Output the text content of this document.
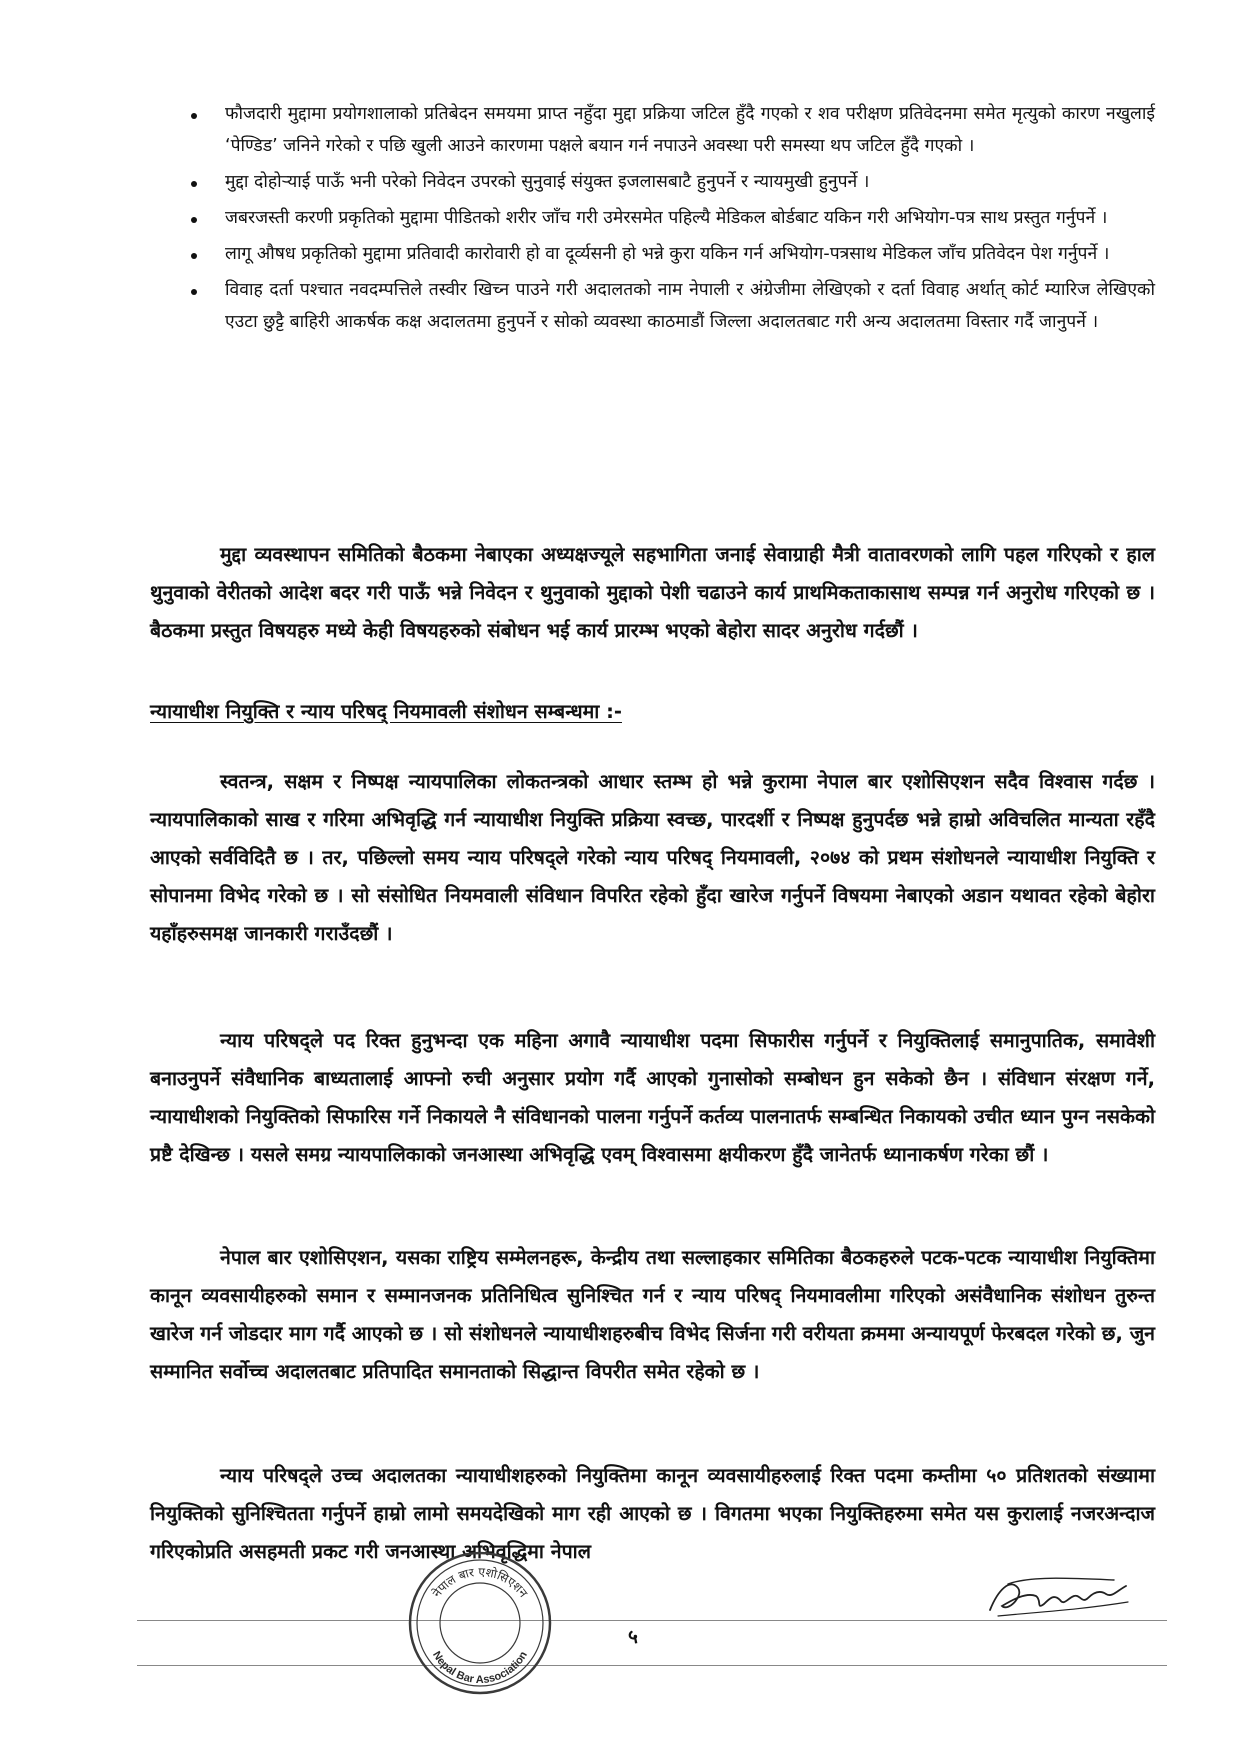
फौजदारी मुद्दामा प्रयोगशालाको प्रतिबेदन समयमा प्राप्त नहुँदा मुद्दा प्रक्रिया जटिल हुँदै गएको र शव परीक्षण प्रतिवेदनमा समेत मृत्युको कारण नखुलाई ‘पेण्डिड’ जनिने गरेको र पछि खुली आउने कारणमा पक्षले बयान गर्न नपाउने अवस्था परी समस्या थप जटिल हुँदै गएको ।
मुद्दा दोहोऱ्याई पाऊँ भनी परेको निवेदन उपरको सुनुवाई संयुक्त इजलासबाटै हुनुपर्ने र न्यायमुखी हुनुपर्ने ।
जबरजस्ती करणी प्रकृतिको मुद्दामा पीडितको शरीर जाँच गरी उमेरसमेत पहिल्यै मेडिकल बोर्डबाट यकिन गरी अभियोग-पत्र साथ प्रस्तुत गर्नुपर्ने ।
लागू औषध प्रकृतिको मुद्दामा प्रतिवादी कारोवारी हो वा दूर्व्यसनी हो भन्ने कुरा यकिन गर्न अभियोग-पत्रसाथ मेडिकल जाँच प्रतिवेदन पेश गर्नुपर्ने ।
विवाह दर्ता पश्चात नवदम्पत्तिले तस्वीर खिच्न पाउने गरी अदालतको नाम नेपाली र अंग्रेजीमा लेखिएको र दर्ता विवाह अर्थात् कोर्ट म्यारिज लेखिएको एउटा छुट्टै बाहिरी आकर्षक कक्ष अदालतमा हुनुपर्ने र सोको व्यवस्था काठमाडौं जिल्ला अदालतबाट गरी अन्य अदालतमा विस्तार गर्दै जानुपर्ने ।

मुद्दा व्यवस्थापन समितिको बैठकमा नेबाएका अध्यक्षज्यूले सहभागिता जनाई सेवाग्राही मैत्री वातावरणको लागि पहल गरिएको र हाल थुनुवाको वेरीतको आदेश बदर गरी पाऊँ भन्ने निवेदन र थुनुवाको मुद्दाको पेशी चढाउने कार्य प्राथमिकताकासाथ सम्पन्न गर्न अनुरोध गरिएको छ । बैठकमा प्रस्तुत विषयहरु मध्ये केही विषयहरुको संबोधन भई कार्य प्रारम्भ भएको बेहोरा सादर अनुरोध गर्दछौं ।

न्यायाधीश नियुक्ति र न्याय परिषद् नियमावली संशोधन सम्बन्धमा :-

स्वतन्त्र, सक्षम र निष्पक्ष न्यायपालिका लोकतन्त्रको आधार स्तम्भ हो भन्ने कुरामा नेपाल बार एशोसिएशन सदैव विश्वास गर्दछ । न्यायपालिकाको साख र गरिमा अभिवृद्धि गर्न न्यायाधीश नियुक्ति प्रक्रिया स्वच्छ, पारदर्शी र निष्पक्ष हुनुपर्दछ भन्ने हाम्रो अविचलित मान्यता रहँदै आएको सर्वविदितै छ । तर, पछिल्लो समय न्याय परिषद्ले गरेको न्याय परिषद् नियमावली, २०७४ को प्रथम संशोधनले न्यायाधीश नियुक्ति र सोपानमा विभेद गरेको छ । सो संसोधित नियमवाली संविधान विपरित रहेको हुँदा खारेज गर्नुपर्ने विषयमा नेबाएको अडान यथावत रहेको बेहोरा यहाँहरुसमक्ष जानकारी गराउँदछौं ।

न्याय परिषद्ले पद रिक्त हुनुभन्दा एक महिना अगावै न्यायाधीश पदमा सिफारीस गर्नुपर्ने र नियुक्तिलाई समानुपातिक, समावेशी बनाउनुपर्ने संवैधानिक बाध्यतालाई आफ्नो रुची अनुसार प्रयोग गर्दै आएको गुनासोको सम्बोधन हुन सकेको छैन । संविधान संरक्षण गर्ने, न्यायाधीशको नियुक्तिको सिफारिस गर्ने निकायले नै संविधानको पालना गर्नुपर्ने कर्तव्य पालनातर्फ सम्बन्धित निकायको उचीत ध्यान पुग्न नसकेको प्रष्टै देखिन्छ । यसले समग्र न्यायपालिकाको जनआस्था अभिवृद्धि एवम् विश्वासमा क्षयीकरण हुँदै जानेतर्फ ध्यानाकर्षण गरेका छौं ।

नेपाल बार एशोसिएशन, यसका राष्ट्रिय सम्मेलनहरू, केन्द्रीय तथा सल्लाहकार समितिका बैठकहरुले पटक-पटक न्यायाधीश नियुक्तिमा कानून व्यवसायीहरुको समान र सम्मानजनक प्रतिनिधित्व सुनिश्चित गर्न र न्याय परिषद् नियमावलीमा गरिएको असंवैधानिक संशोधन तुरुन्त खारेज गर्न जोडदार माग गर्दै आएको छ । सो संशोधनले न्यायाधीशहरुबीच विभेद सिर्जना गरी वरीयता क्रममा अन्यायपूर्ण फेरबदल गरेको छ, जुन सम्मानित सर्वोच्च अदालतबाट प्रतिपादित समानताको सिद्धान्त विपरीत समेत रहेको छ ।

न्याय परिषद्ले उच्च अदालतका न्यायाधीशहरुको नियुक्तिमा कानून व्यवसायीहरुलाई रिक्त पदमा कम्तीमा ५० प्रतिशतको संख्यामा नियुक्तिको सुनिश्चितता गर्नुपर्ने हाम्रो लामो समयदेखिको माग रही आएको छ । विगतमा भएका नियुक्तिहरुमा समेत यस कुरालाई नजरअन्दाज गरिएकोप्रति असहमती प्रकट गरी जनआस्था अभिवृद्धिमा नेपाल

नेपाल बार एशोसिएशन
Nepal Bar Association
५
